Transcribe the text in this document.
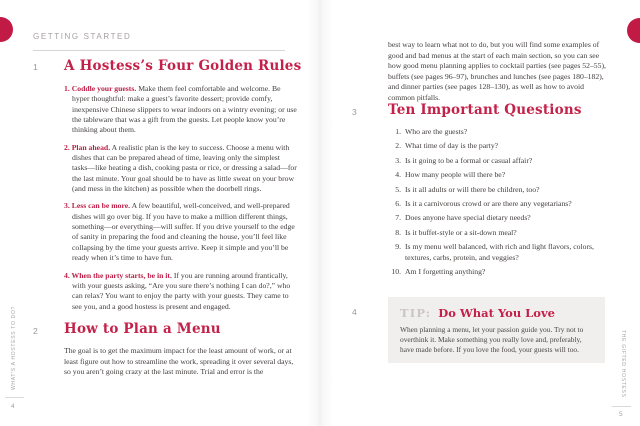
GETTING STARTED
1 A Hostess’s Four Golden Rules

1. Coddle your guests. Make them feel comfortable and welcome. Be hyper thoughtful: make a guest’s favorite dessert; provide comfy, inexpensive Chinese slippers to wear indoors on a wintry evening; or use the tableware that was a gift from the guests. Let people know you’re thinking about them.

2. Plan ahead. A realistic plan is the key to success. Choose a menu with dishes that can be prepared ahead of time, leaving only the simplest tasks—like heating a dish, cooking pasta or rice, or dressing a salad—for the last minute. Your goal should be to have as little sweat on your brow (and mess in the kitchen) as possible when the doorbell rings.

3. Less can be more. A few beautiful, well-conceived, and well-prepared dishes will go over big. If you have to make a million different things, something—or everything—will suffer. If you drive yourself to the edge of sanity in preparing the food and cleaning the house, you’ll feel like collapsing by the time your guests arrive. Keep it simple and you’ll be ready when it’s time to have fun.

4. When the party starts, be in it. If you are running around frantically, with your guests asking, “Are you sure there’s nothing I can do?,” who can relax? You want to enjoy the party with your guests. They came to see you, and a good hostess is present and engaged.

2 How to Plan a Menu

The goal is to get the maximum impact for the least amount of work, or at least figure out how to streamline the work, spreading it over several days, so you aren’t going crazy at the last minute. Trial and error is the

WHAT'S A HOSTESS TO DO?
4

best way to learn what not to do, but you will find some examples of good and bad menus at the start of each main section, so you can see how good menu planning applies to cocktail parties (see pages 52–55), buffets (see pages 96–97), brunches and lunches (see pages 180–182), and dinner parties (see pages 128–130), as well as how to avoid common pitfalls.

3 Ten Important Questions

1. Who are the guests?

2. What time of day is the party?

3. Is it going to be a formal or casual affair?

4. How many people will there be?

5. Is it all adults or will there be children, too?

6. Is it a carnivorous crowd or are there any vegetarians?

7. Does anyone have special dietary needs?

8. Is it buffet-style or a sit-down meal?

9. Is my menu well balanced, with rich and light flavors, colors, textures, carbs, protein, and veggies?

10. Am I forgetting anything?

4	TIP: Do What You Love
When planning a menu, let your passion guide you. Try not to overthink it. Make something you really love and, preferably, have made before. If you love the food, your guests will too.	THE GIFTED HOSTESS
5
